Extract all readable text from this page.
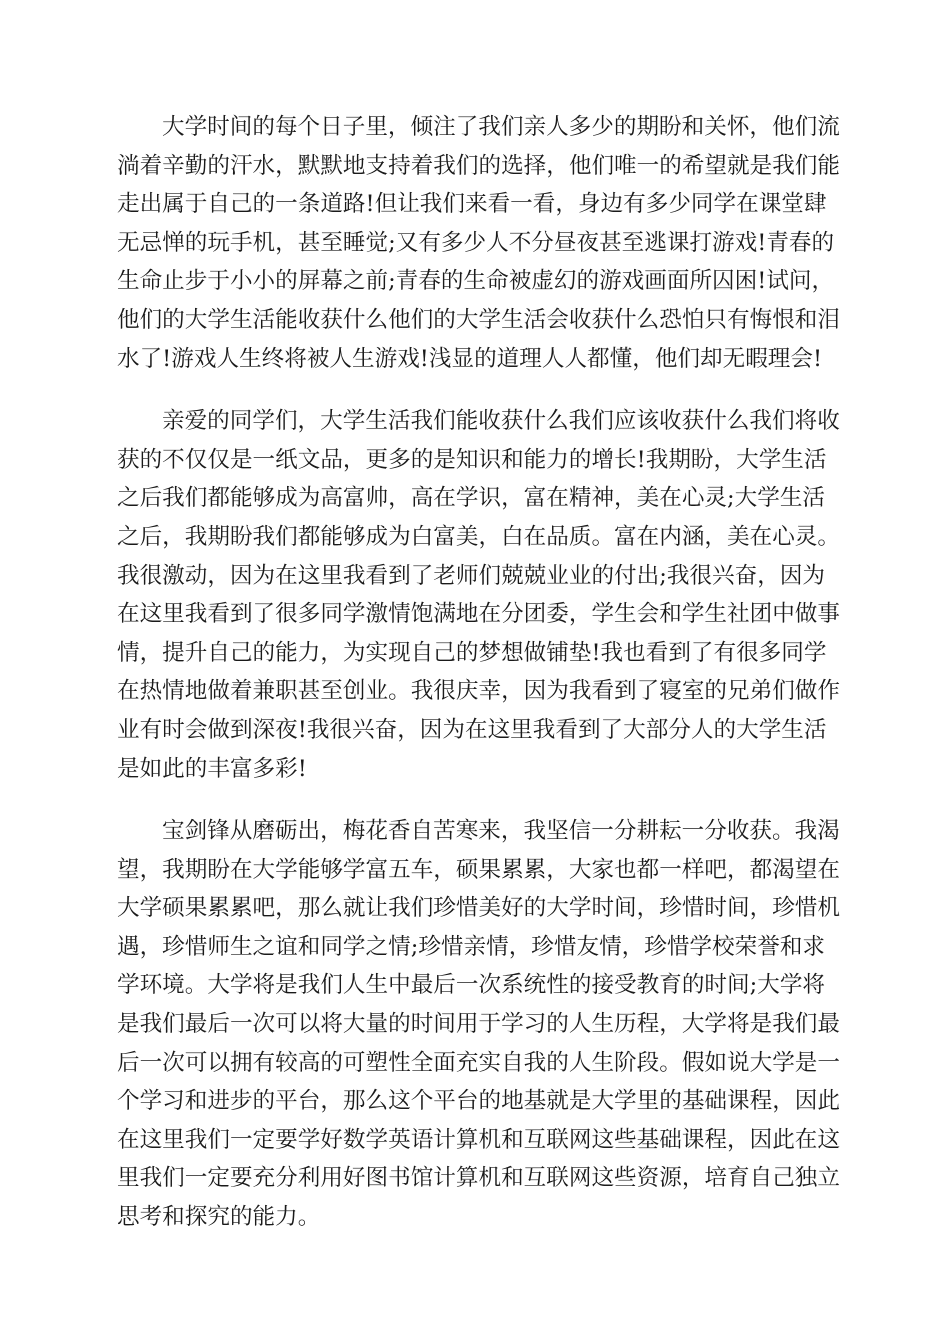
大学时间的每个日子里，倾注了我们亲人多少的期盼和关怀，他们流
淌着辛勤的汗水，默默地支持着我们的选择，他们唯一的希望就是我们能
走出属于自己的一条道路!但让我们来看一看，身边有多少同学在课堂肆
无忌惮的玩手机，甚至睡觉;又有多少人不分昼夜甚至逃课打游戏!青春的
生命止步于小小的屏幕之前;青春的生命被虚幻的游戏画面所囚困!试问，
他们的大学生活能收获什么他们的大学生活会收获什么恐怕只有悔恨和泪
水了!游戏人生终将被人生游戏!浅显的道理人人都懂，他们却无暇理会!

亲爱的同学们，大学生活我们能收获什么我们应该收获什么我们将收
获的不仅仅是一纸文品，更多的是知识和能力的增长!我期盼，大学生活
之后我们都能够成为高富帅，高在学识，富在精神，美在心灵;大学生活
之后，我期盼我们都能够成为白富美，白在品质。富在内涵，美在心灵。
我很激动，因为在这里我看到了老师们兢兢业业的付出;我很兴奋，因为
在这里我看到了很多同学激情饱满地在分团委，学生会和学生社团中做事
情，提升自己的能力，为实现自己的梦想做铺垫!我也看到了有很多同学
在热情地做着兼职甚至创业。我很庆幸，因为我看到了寝室的兄弟们做作
业有时会做到深夜!我很兴奋，因为在这里我看到了大部分人的大学生活
是如此的丰富多彩!

宝剑锋从磨砺出，梅花香自苦寒来，我坚信一分耕耘一分收获。我渴
望，我期盼在大学能够学富五车，硕果累累，大家也都一样吧，都渴望在
大学硕果累累吧，那么就让我们珍惜美好的大学时间，珍惜时间，珍惜机
遇，珍惜师生之谊和同学之情;珍惜亲情，珍惜友情，珍惜学校荣誉和求
学环境。大学将是我们人生中最后一次系统性的接受教育的时间;大学将
是我们最后一次可以将大量的时间用于学习的人生历程，大学将是我们最
后一次可以拥有较高的可塑性全面充实自我的人生阶段。假如说大学是一
个学习和进步的平台，那么这个平台的地基就是大学里的基础课程，因此
在这里我们一定要学好数学英语计算机和互联网这些基础课程，因此在这
里我们一定要充分利用好图书馆计算机和互联网这些资源，培育自己独立
思考和探究的能力。
